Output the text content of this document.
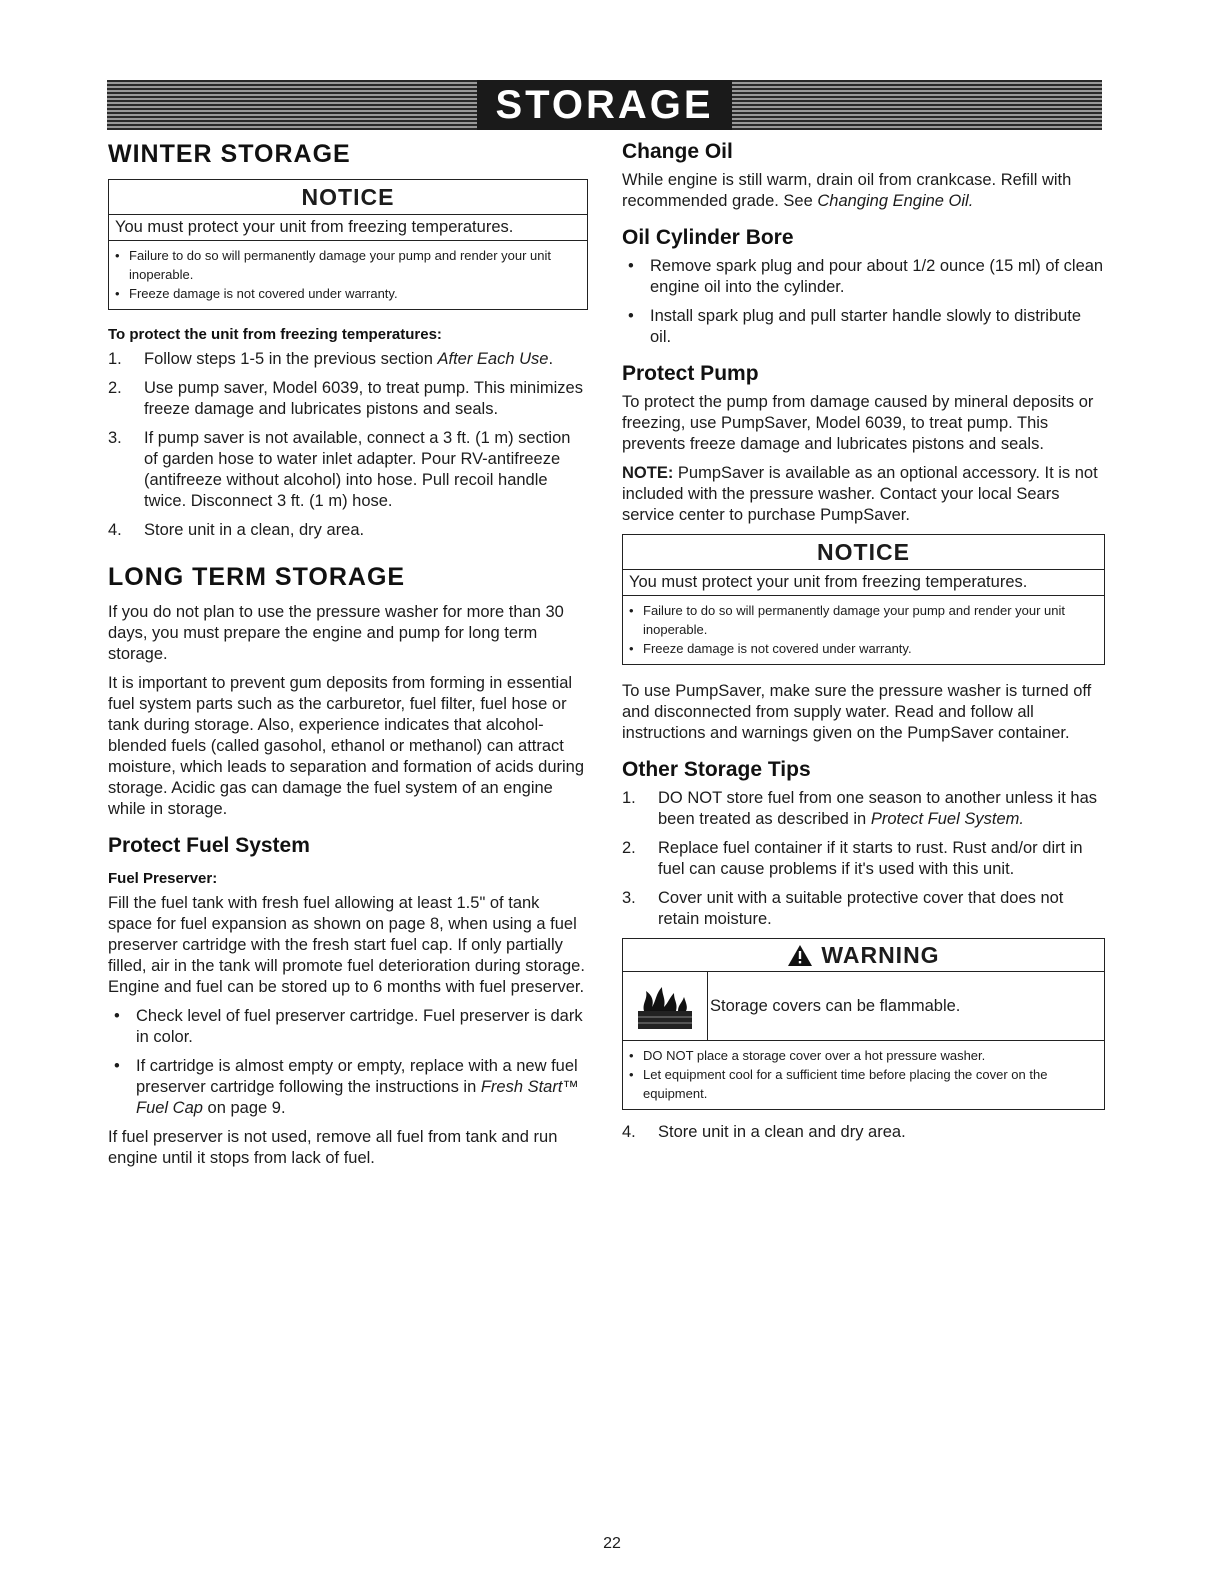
STORAGE
WINTER STORAGE
NOTICE
You must protect your unit from freezing temperatures.
• Failure to do so will permanently damage your pump and render your unit inoperable.
• Freeze damage is not covered under warranty.
To protect the unit from freezing temperatures:
1.	Follow steps 1-5 in the previous section After Each Use.
2.	Use pump saver, Model 6039, to treat pump. This minimizes freeze damage and lubricates pistons and seals.
3.	If pump saver is not available, connect a 3 ft. (1 m) section of garden hose to water inlet adapter. Pour RV-antifreeze (antifreeze without alcohol) into hose. Pull recoil handle twice. Disconnect 3 ft. (1 m) hose.
4.	Store unit in a clean, dry area.
LONG TERM STORAGE

If you do not plan to use the pressure washer for more than 30 days, you must prepare the engine and pump for long term storage.

It is important to prevent gum deposits from forming in essential fuel system parts such as the carburetor, fuel filter, fuel hose or tank during storage. Also, experience indicates that alcohol-blended fuels (called gasohol, ethanol or methanol) can attract moisture, which leads to separation and formation of acids during storage. Acidic gas can damage the fuel system of an engine while in storage.

Protect Fuel System
Fuel Preserver:

Fill the fuel tank with fresh fuel allowing at least 1.5" of tank space for fuel expansion as shown on page 8, when using a fuel preserver cartridge with the fresh start fuel cap. If only partially filled, air in the tank will promote fuel deterioration during storage. Engine and fuel can be stored up to 6 months with fuel preserver.

• Check level of fuel preserver cartridge. Fuel preserver is dark in color.
• If cartridge is almost empty or empty, replace with a new fuel preserver cartridge following the instructions in Fresh Start™ Fuel Cap on page 9.

If fuel preserver is not used, remove all fuel from tank and run engine until it stops from lack of fuel.

Change Oil

While engine is still warm, drain oil from crankcase. Refill with recommended grade. See Changing Engine Oil.

Oil Cylinder Bore
• Remove spark plug and pour about 1/2 ounce (15 ml) of clean engine oil into the cylinder.
• Install spark plug and pull starter handle slowly to distribute oil.
Protect Pump

To protect the pump from damage caused by mineral deposits or freezing, use PumpSaver, Model 6039, to treat pump. This prevents freeze damage and lubricates pistons and seals.

NOTE: PumpSaver is available as an optional accessory. It is not included with the pressure washer. Contact your local Sears service center to purchase PumpSaver.

NOTICE
You must protect your unit from freezing temperatures.
• Failure to do so will permanently damage your pump and render your unit inoperable.
• Freeze damage is not covered under warranty.

To use PumpSaver, make sure the pressure washer is turned off and disconnected from supply water. Read and follow all instructions and warnings given on the PumpSaver container.

Other Storage Tips
1.	DO NOT store fuel from one season to another unless it has been treated as described in Protect Fuel System.
2.	Replace fuel container if it starts to rust. Rust and/or dirt in fuel can cause problems if it's used with this unit.
3.	Cover unit with a suitable protective cover that does not retain moisture.
WARNING
Storage covers can be flammable.
• DO NOT place a storage cover over a hot pressure washer.
• Let equipment cool for a sufficient time before placing the cover on the equipment.
4.	Store unit in a clean and dry area.
22
